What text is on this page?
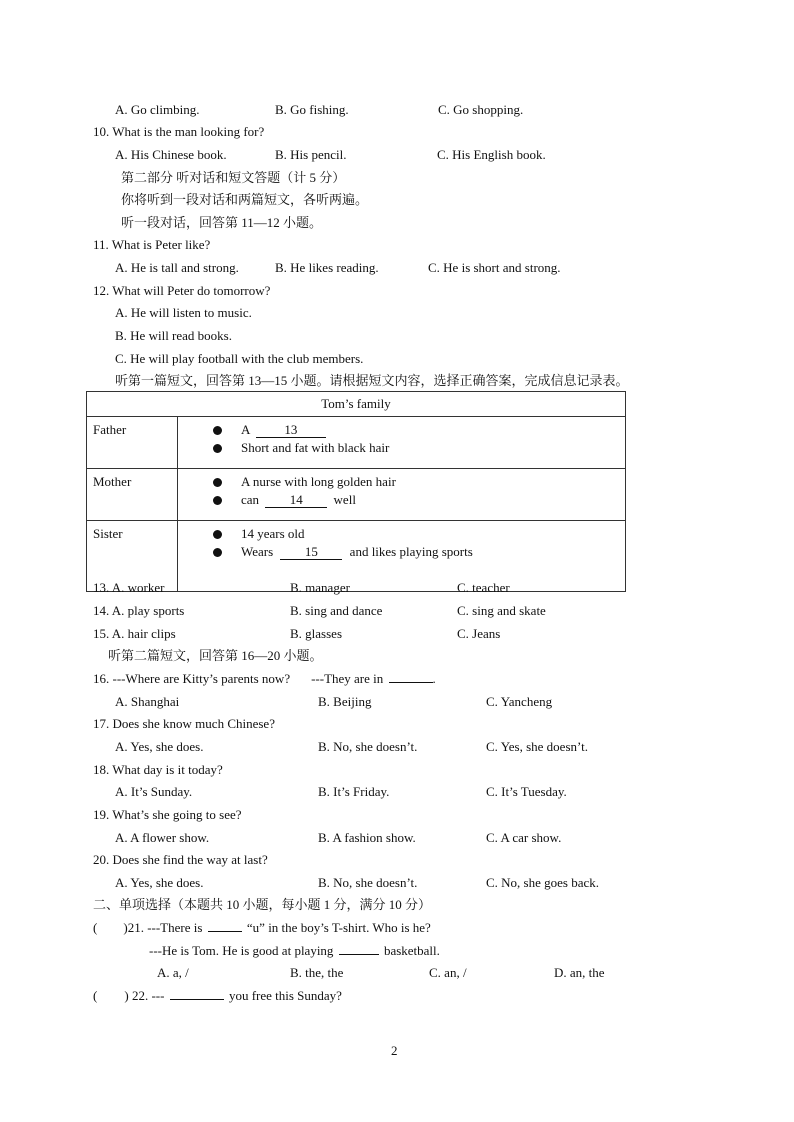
A. Go climbing.	B. Go fishing.	C. Go shopping.
10. What is the man looking for?
A. His Chinese book.	B. His pencil.	C. His English book.
第二部分 听对话和短文答题（计 5 分）
你将听到一段对话和两篇短文，各听两遍。
听一段对话，回答第 11—12 小题。
11. What is Peter like?
A. He is tall and strong.	B. He likes reading.	C. He is short and strong.
12. What will Peter do tomorrow?
A. He will listen to music.
B. He will read books.
C. He will play football with the club members.
听第一篇短文，回答第 13—15 小题。请根据短文内容，选择正确答案，完成信息记录表。
Tom’s family	
Father	A 13
Short and fat with black hair

Mother	A nurse with long golden hair
can 14 well

Sister	14 years old
Wears 15 and likes playing sports
13. A. worker	B. manager	C. teacher
14. A. play sports	B. sing and dance	C. sing and skate
15. A. hair clips	B. glasses	C. Jeans
听第二篇短文，回答第 16—20 小题。
16. ---Where are Kitty’s parents now? ---They are in	.
A. Shanghai	B. Beijing	C. Yancheng
17. Does she know much Chinese?
A. Yes, she does.	B. No, she doesn’t.	C. Yes, she doesn’t.
18. What day is it today?
A. It’s Sunday.	B. It’s Friday.	C. It’s Tuesday.
19. What’s she going to see?
A. A flower show.	B. A fashion show.	C. A car show.
20. Does she find the way at last?
A. Yes, she does.	B. No, she doesn’t.	C. No, she goes back.
二、单项选择（本题共 10 小题，每小题 1 分，满分 10 分）
( )21. ---There is	“u” in the boy’s T-shirt. Who is he?
---He is Tom. He is good at playing	basketball.
A. a, /	B. the, the	C. an, /	D. an, the
( ) 22. ---	you free this Sunday?
2
